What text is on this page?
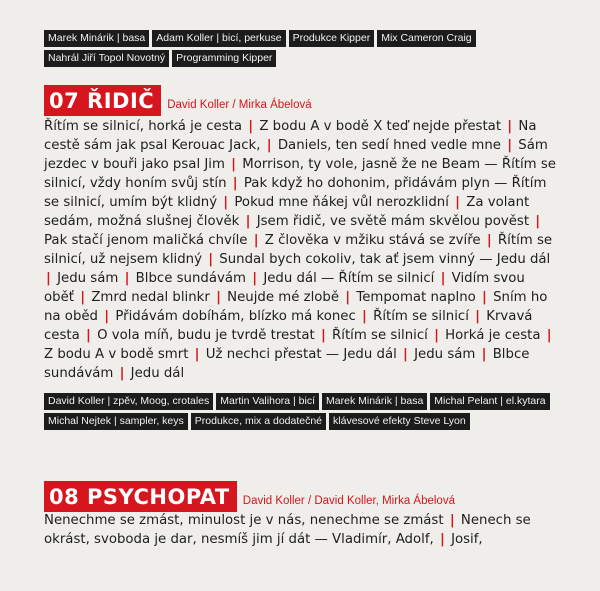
Marek Minárik | basa	Adam Koller | bicí, perkuse	Produkce Kipper	Mix Cameron Craig
Nahrál Jiří Topol Novotný	Programming Kipper
07 ŘIDIČ	David Koller / Mirka Ábelová
Řítím se silnicí, horká je cesta | Z bodu A v bodě X teď nejde přestat | Na cestě sám jak psal Kerouac Jack, | Daniels, ten sedí hned vedle mne | Sám jezdec v bouři jako psal Jim | Morrison, ty vole, jasně že ne Beam — Řítím se silnicí, vždy honím svůj stín | Pak když ho dohonim, přidávám plyn — Řítím se silnicí, umím být klidný | Pokud mne ňákej vůl nerozklidní | Za volant sedám, možná slušnej člověk | Jsem řidič, ve světě mám skvělou pověst | Pak stačí jenom maličká chvíle | Z člověka v mžiku stává se zvíře | Řítím se silnicí, už nejsem klidný | Sundal bych cokoliv, tak ať jsem vinný — Jedu dál | Jedu sám | Blbce sundávám | Jedu dál — Řítím se silnicí | Vidím svou oběť | Zmrd nedal blinkr | Neujde mé zlobě | Tempomat naplno | Sním ho na oběd | Přidávám dobíhám, blízko má konec | Řítím se silnicí | Krvavá cesta | O vola míň, budu je tvrdě trestat | Řítím se silnicí | Horká je cesta | Z bodu A v bodě smrt | Už nechci přestat — Jedu dál | Jedu sám | Blbce sundávám | Jedu dál
David Koller | zpěv, Moog, crotales	Martin Valihora | bicí	Marek Minárik | basa	Michal Pelant | el.kytara
Michal Nejtek | sampler, keys	Produkce, mix a dodatečné	klávesové efekty Steve Lyon
08 PSYCHOPAT	David Koller / David Koller, Mirka Ábelová
Nenechme se zmást, minulost je v nás, nenechme se zmást | Nenech se okrást, svoboda je dar, nesmíš jim jí dát — Vladimír, Adolf, | Josif,
